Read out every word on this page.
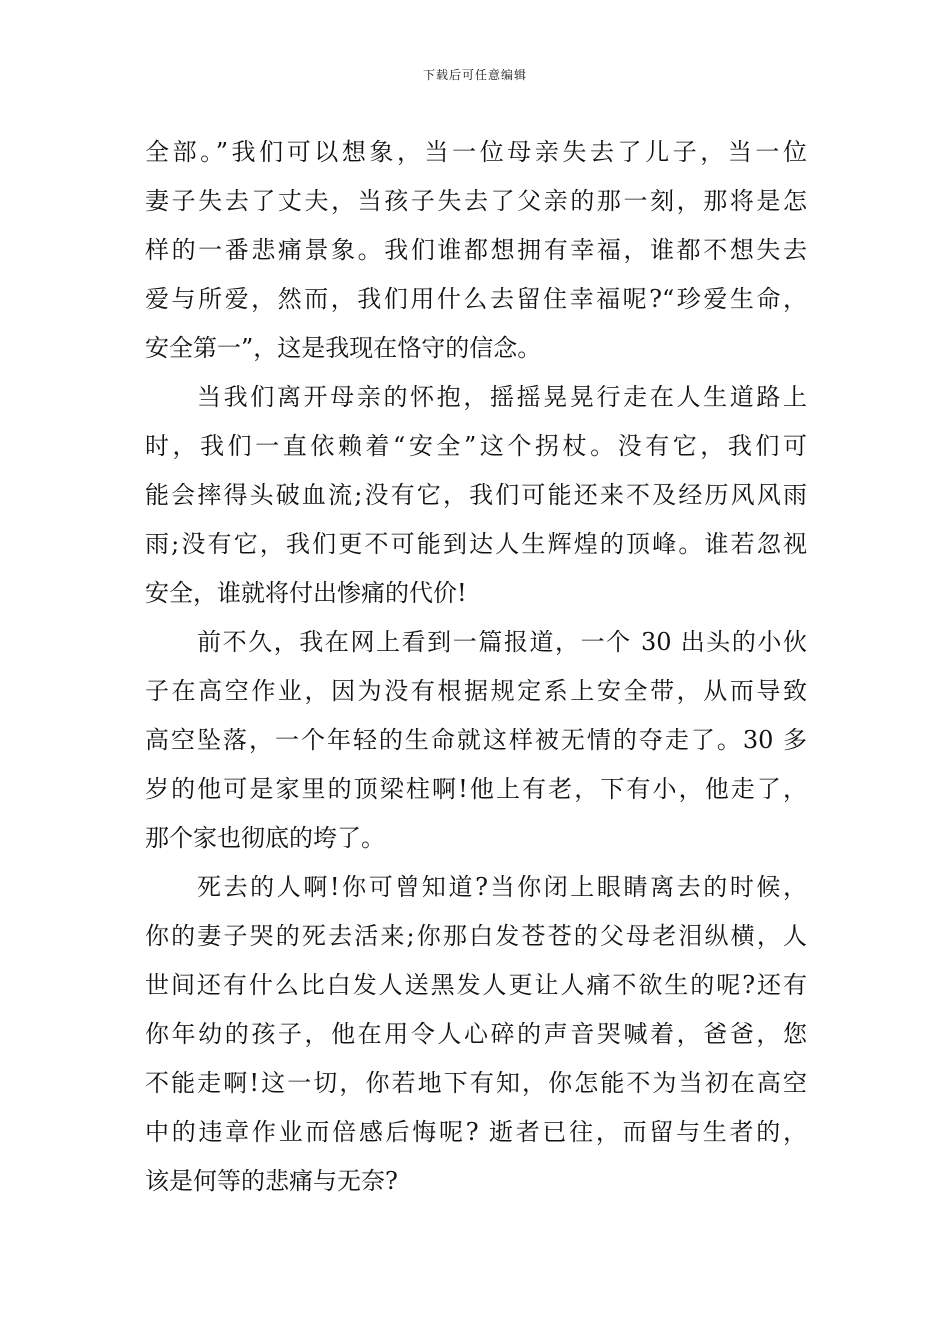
下载后可任意编辑
全部。”我们可以想象，当一位母亲失去了儿子，当一位
妻子失去了丈夫，当孩子失去了父亲的那一刻，那将是怎
样的一番悲痛景象。我们谁都想拥有幸福，谁都不想失去
爱与所爱，然而，我们用什么去留住幸福呢?“珍爱生命，
安全第一”，这是我现在恪守的信念。
当我们离开母亲的怀抱，摇摇晃晃行走在人生道路上
时，我们一直依赖着“安全”这个拐杖。没有它，我们可
能会摔得头破血流;没有它，我们可能还来不及经历风风雨
雨;没有它，我们更不可能到达人生辉煌的顶峰。谁若忽视
安全，谁就将付出惨痛的代价!
前不久，我在网上看到一篇报道，一个 30 出头的小伙
子在高空作业，因为没有根据规定系上安全带，从而导致
高空坠落，一个年轻的生命就这样被无情的夺走了。30 多
岁的他可是家里的顶梁柱啊!他上有老，下有小，他走了，
那个家也彻底的垮了。
死去的人啊!你可曾知道?当你闭上眼睛离去的时候，
你的妻子哭的死去活来;你那白发苍苍的父母老泪纵横，人
世间还有什么比白发人送黑发人更让人痛不欲生的呢?还有
你年幼的孩子，他在用令人心碎的声音哭喊着，爸爸，您
不能走啊!这一切，你若地下有知，你怎能不为当初在高空
中的违章作业而倍感后悔呢? 逝者已往，而留与生者的，
该是何等的悲痛与无奈?
